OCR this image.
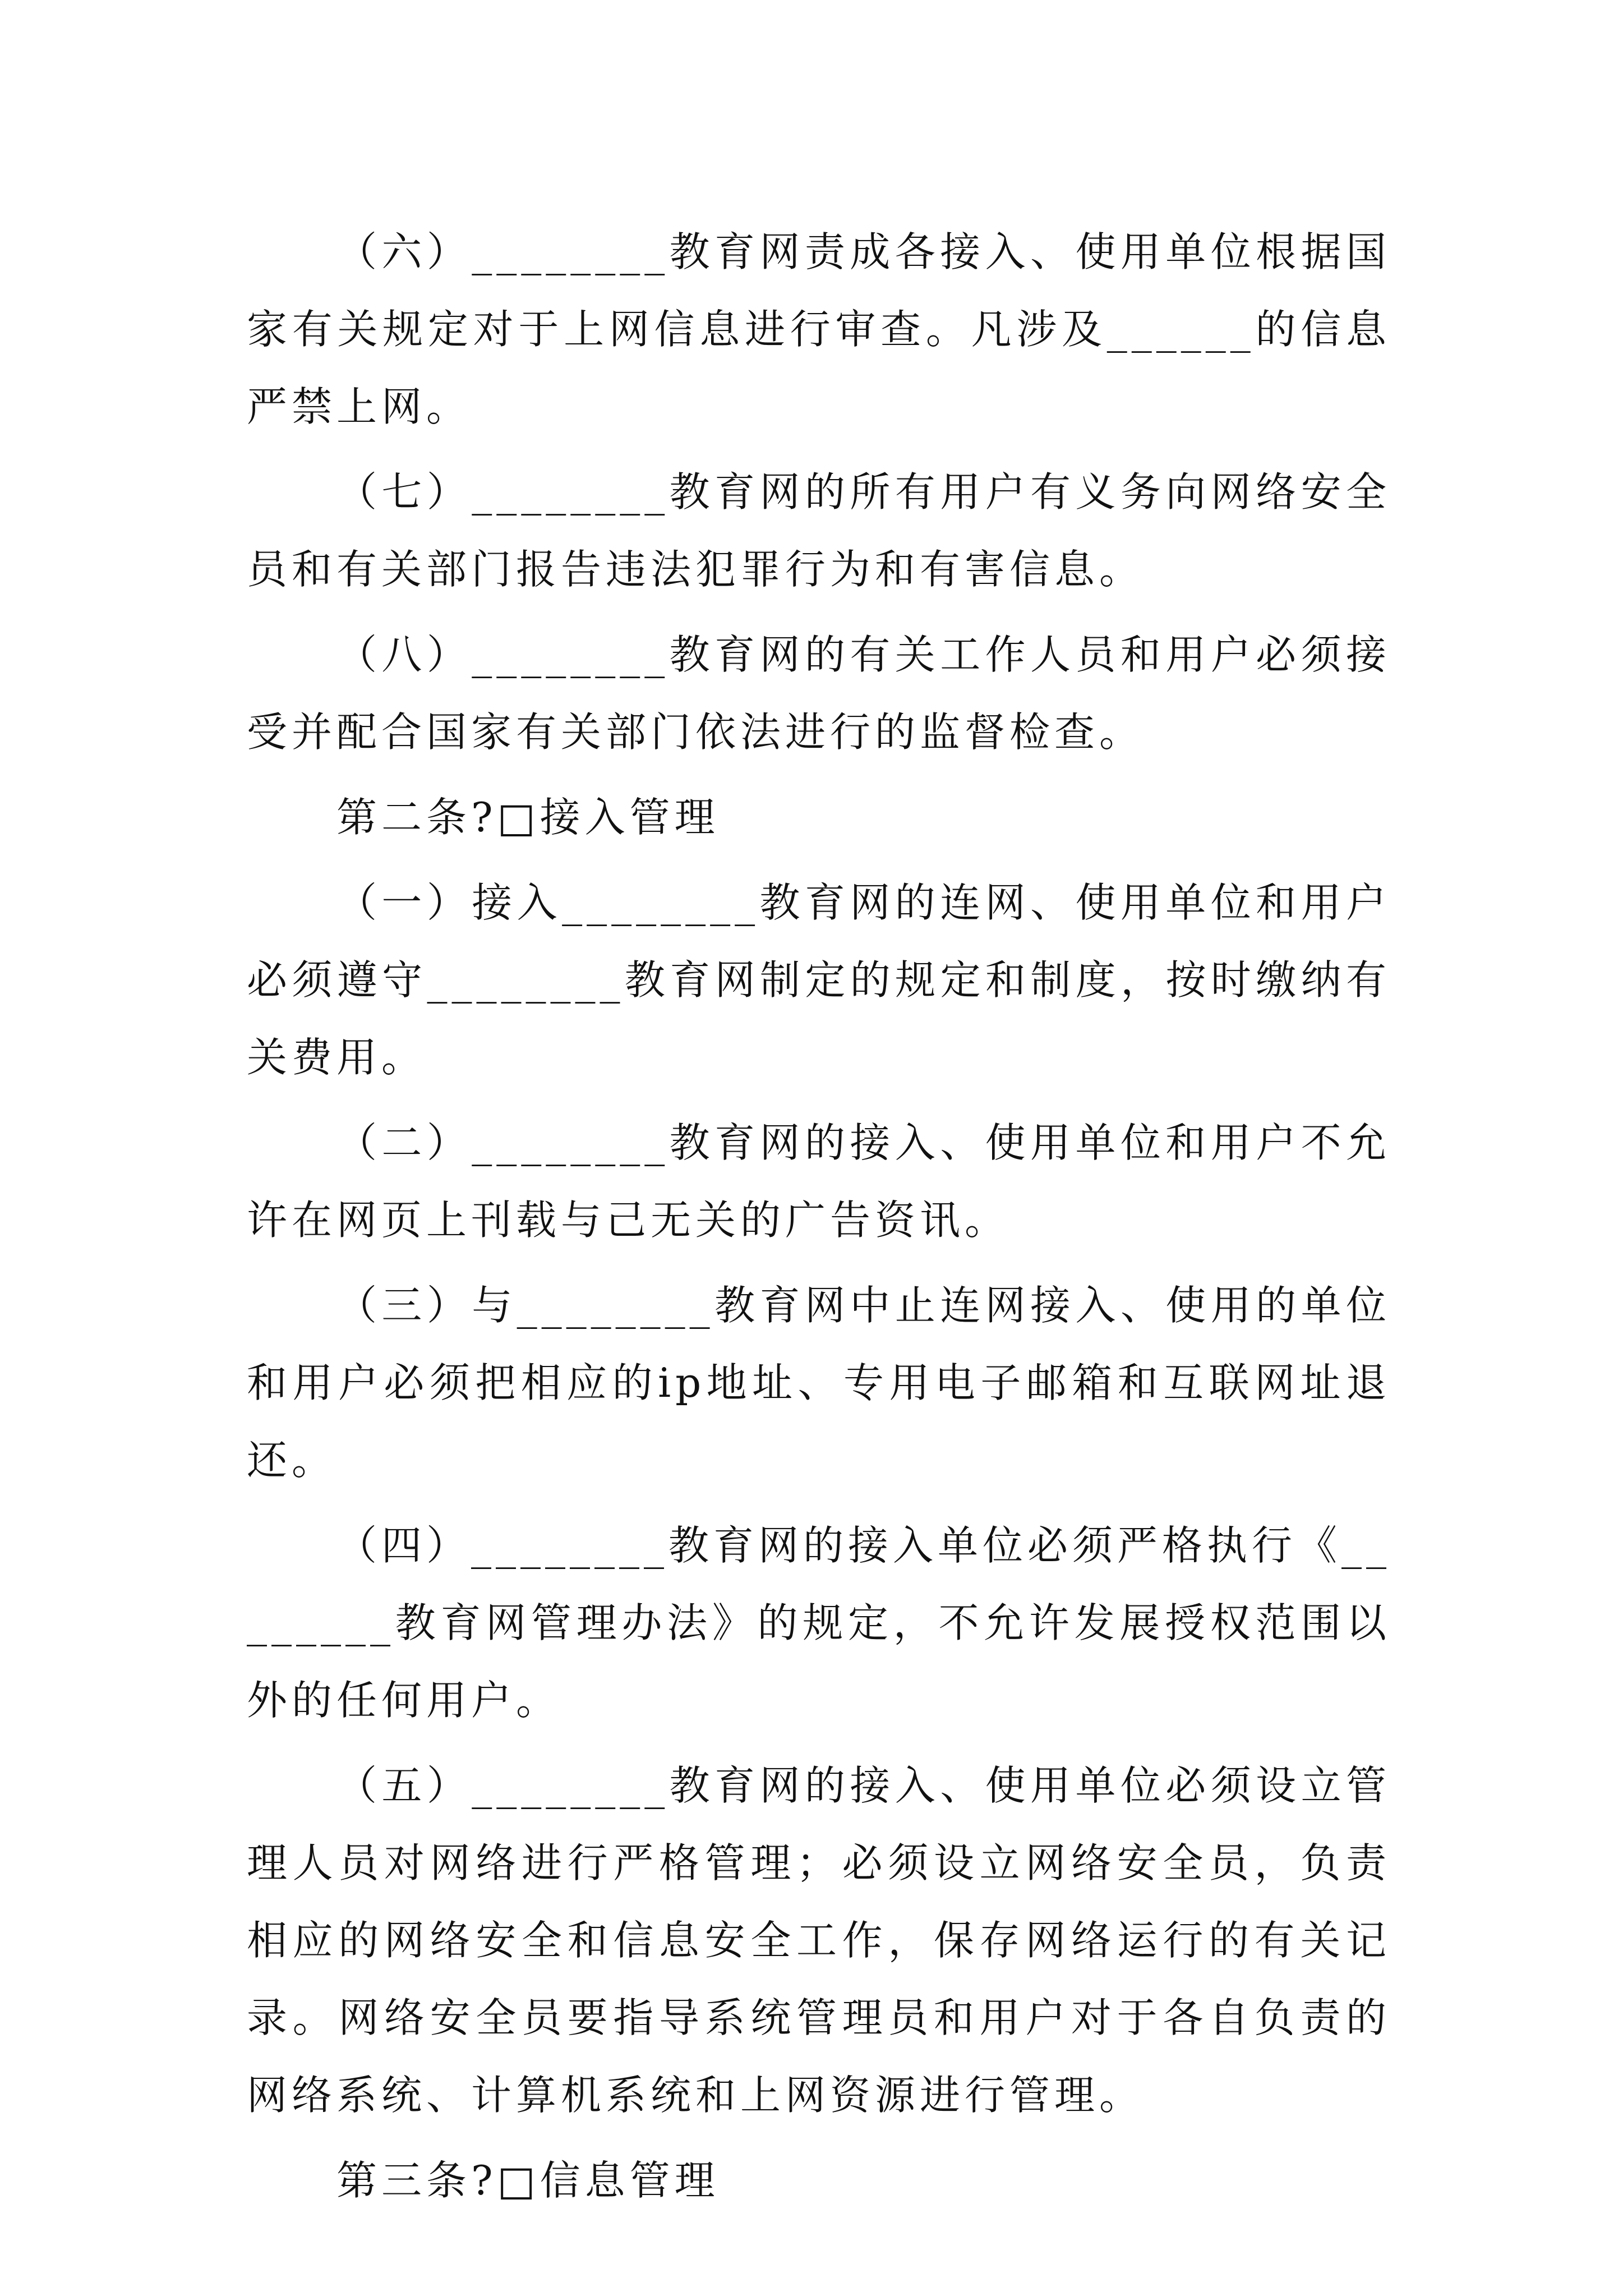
（六）________教育网责成各接入、使用单位根据国家有关规定对于上网信息进行审查。凡涉及______的信息严禁上网。

（七）________教育网的所有用户有义务向网络安全员和有关部门报告违法犯罪行为和有害信息。

（八）________教育网的有关工作人员和用户必须接受并配合国家有关部门依法进行的监督检查。

第二条?□接入管理

（一）接入________教育网的连网、使用单位和用户必须遵守________教育网制定的规定和制度，按时缴纳有关费用。

（二）________教育网的接入、使用单位和用户不允许在网页上刊载与己无关的广告资讯。

（三）与________教育网中止连网接入、使用的单位和用户必须把相应的ip地址、专用电子邮箱和互联网址退还。

（四）________教育网的接入单位必须严格执行《________教育网管理办法》的规定，不允许发展授权范围以外的任何用户。

（五）________教育网的接入、使用单位必须设立管理人员对网络进行严格管理；必须设立网络安全员，负责相应的网络安全和信息安全工作，保存网络运行的有关记录。网络安全员要指导系统管理员和用户对于各自负责的网络系统、计算机系统和上网资源进行管理。

第三条?□信息管理
